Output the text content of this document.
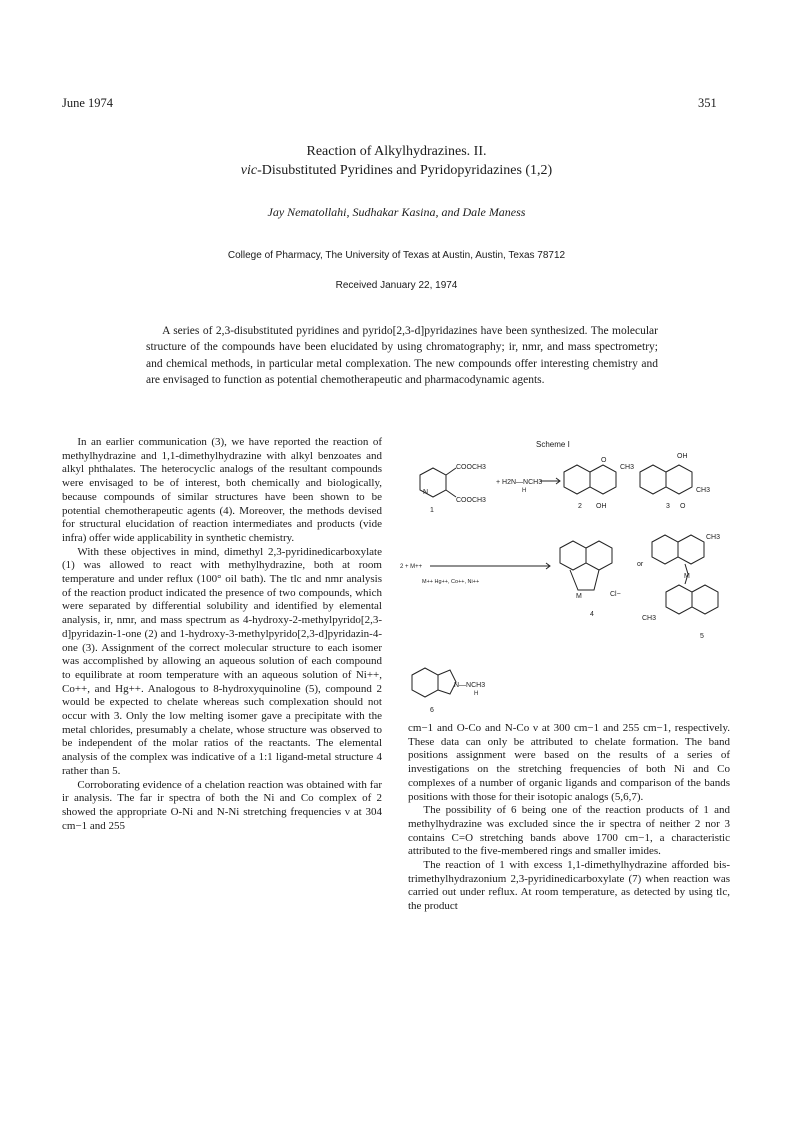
June 1974	351
Reaction of Alkylhydrazines. II.
vic-Disubstituted Pyridines and Pyridopyridazines (1,2)
Jay Nematollahi, Sudhakar Kasina, and Dale Maness
College of Pharmacy, The University of Texas at Austin, Austin, Texas 78712
Received January 22, 1974

A series of 2,3-disubstituted pyridines and pyrido[2,3-d]pyridazines have been synthesized. The molecular structure of the compounds have been elucidated by using chromatography; ir, nmr, and mass spectrometry; and chemical methods, in particular metal complexation. The new compounds offer interesting chemistry and are envisaged to function as potential chemotherapeutic and pharmacodynamic agents.

In an earlier communication (3), we have reported the reaction of methylhydrazine and 1,1-dimethylhydrazine with alkyl benzoates and alkyl phthalates. The heterocyclic analogs of the resultant compounds were envisaged to be of interest, both chemically and biologically, because compounds of similar structures have been shown to be potential chemotherapeutic agents (4). Moreover, the methods devised for structural elucidation of reaction intermediates and products (vide infra) offer wide applicability in synthetic chemistry.

With these objectives in mind, dimethyl 2,3-pyridinedicarboxylate (1) was allowed to react with methylhydrazine, both at room temperature and under reflux (100° oil bath). The tlc and nmr analysis of the reaction product indicated the presence of two compounds, which were separated by differential solubility and identified by elemental analysis, ir, nmr, and mass spectrum as 4-hydroxy-2-methylpyrido[2,3-d]pyridazin-1-one (2) and 1-hydroxy-3-methylpyrido[2,3-d]pyridazin-4-one (3). Assignment of the correct molecular structure to each isomer was accomplished by allowing an aqueous solution of each compound to equilibrate at room temperature with an aqueous solution of Ni++, Co++, and Hg++. Analogous to 8-hydroxyquinoline (5), compound 2 would be expected to chelate whereas such complexation should not occur with 3. Only the low melting isomer gave a precipitate with the metal chlorides, presumably a chelate, whose structure was observed to be independent of the molar ratios of the reactants. The elemental analysis of the complex was indicative of a 1:1 ligand-metal structure 4 rather than 5.

Corroborating evidence of a chelation reaction was obtained with far ir analysis. The far ir spectra of both the Ni and Co complex of 2 showed the appropriate O-Ni and N-Ni stretching frequencies ν at 304 cm−1 and 255

Scheme I
COOCH3
COOCH3
N
1
+ H2N—NCH3
H
O
CH3
2 OH
OH
CH3
3 O
2 + M++
M++ Hg++, Co++, Ni++
M	Cl−
4
or
M
CH3
CH3
5
N—NCH3
H
6

cm−1 and O-Co and N-Co ν at 300 cm−1 and 255 cm−1, respectively. These data can only be attributed to chelate formation. The band positions assignment were based on the results of a series of investigations on the stretching frequencies of both Ni and Co complexes of a number of organic ligands and comparison of the bands positions with those for their isotopic analogs (5,6,7).

The possibility of 6 being one of the reaction products of 1 and methylhydrazine was excluded since the ir spectra of neither 2 nor 3 contains C=O stretching bands above 1700 cm−1, a characteristic attributed to the five-membered rings and smaller imides.

The reaction of 1 with excess 1,1-dimethylhydrazine afforded bis-trimethylhydrazonium 2,3-pyridinedicarboxylate (7) when reaction was carried out under reflux. At room temperature, as detected by using tlc, the product
